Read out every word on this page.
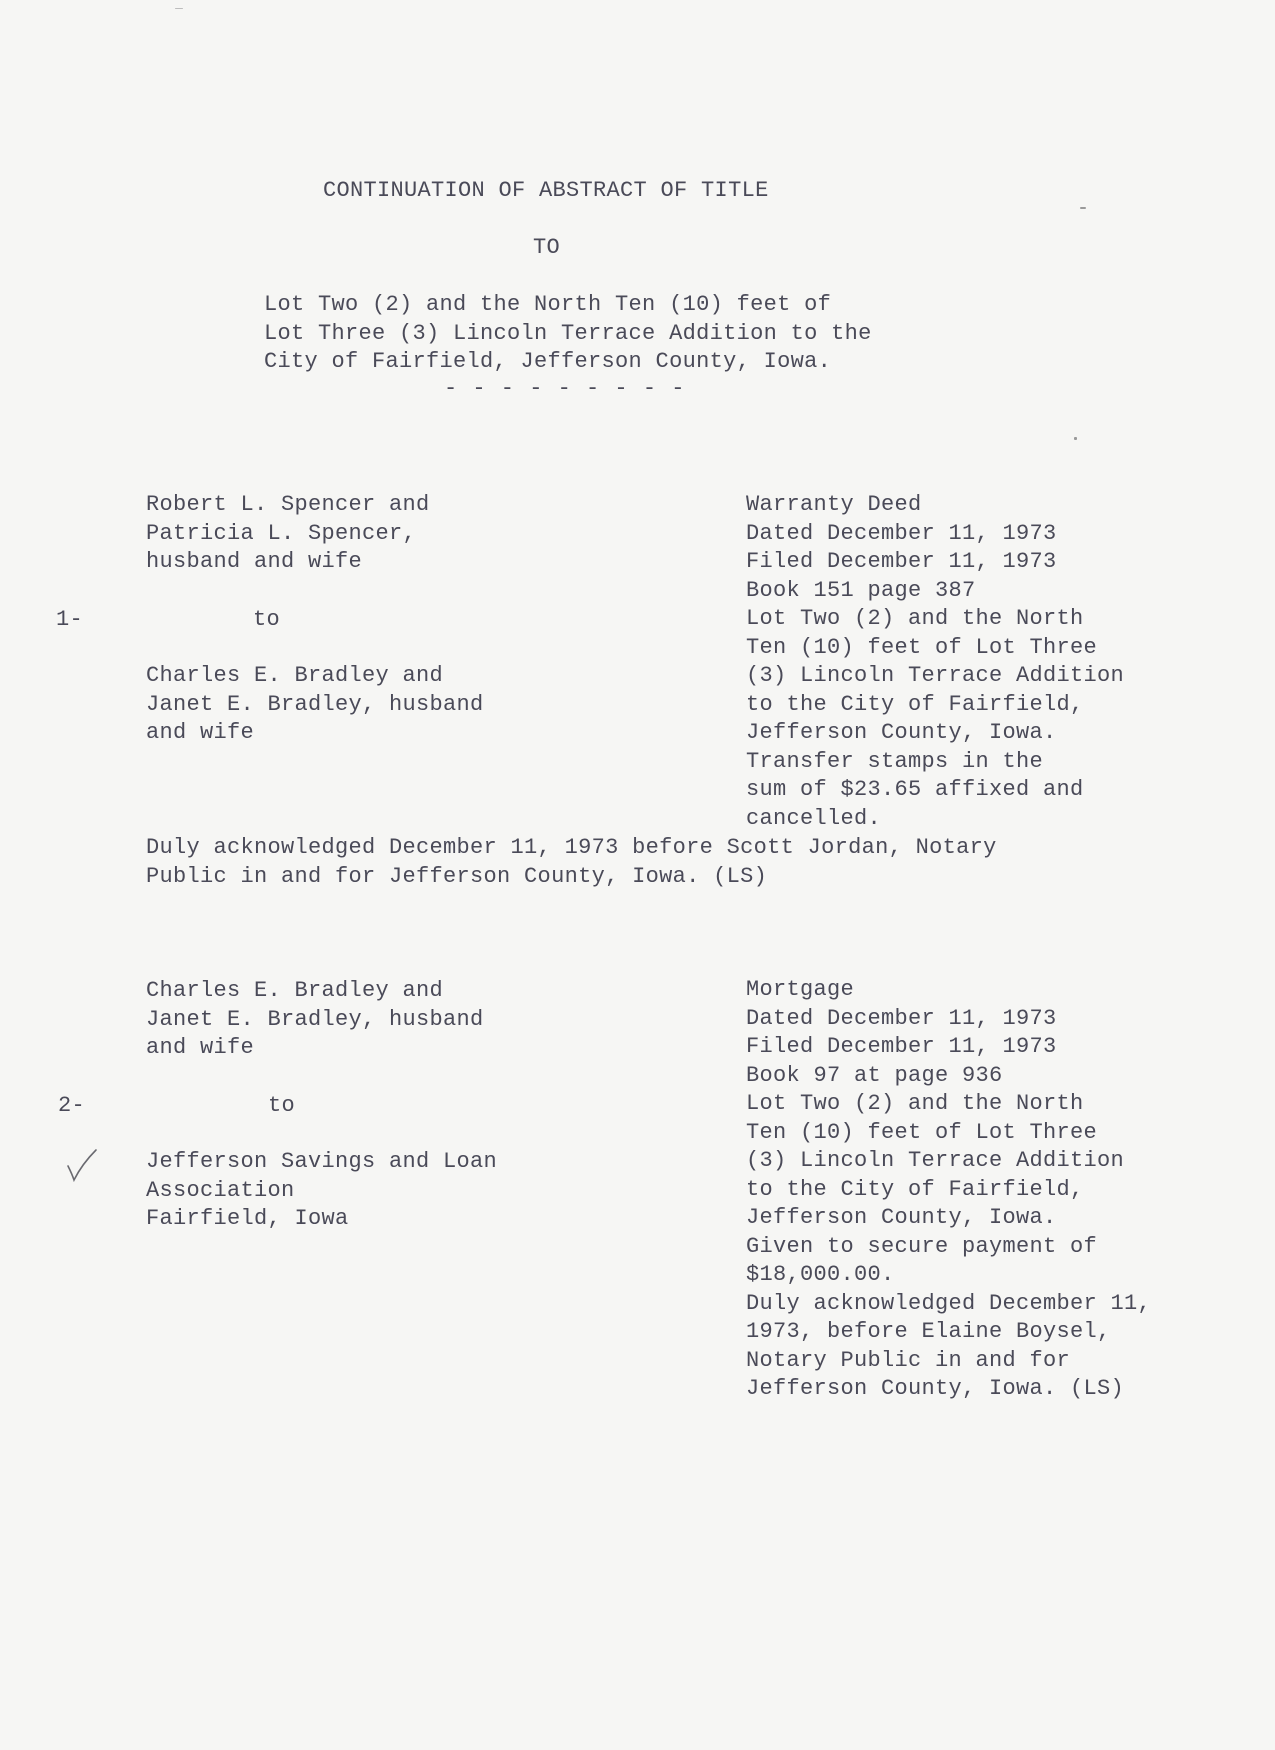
CONTINUATION OF ABSTRACT OF TITLE
TO
Lot Two (2) and the North Ten (10) feet of
Lot Three (3) Lincoln Terrace Addition to the
City of Fairfield, Jefferson County, Iowa.
- - - - - - - - -
Robert L. Spencer and
Patricia L. Spencer,
husband and wife
1-	to
Charles E. Bradley and
Janet E. Bradley, husband
and wife
Warranty Deed
Dated December 11, 1973
Filed December 11, 1973
Book 151 page 387
Lot Two (2) and the North
Ten (10) feet of Lot Three
(3) Lincoln Terrace Addition
to the City of Fairfield,
Jefferson County, Iowa.
Transfer stamps in the
sum of $23.65 affixed and
cancelled.
Duly acknowledged December 11, 1973 before Scott Jordan, Notary
Public in and for Jefferson County, Iowa. (LS)
Charles E. Bradley and
Janet E. Bradley, husband
and wife
2-	to
Jefferson Savings and Loan
Association
Fairfield, Iowa
Mortgage
Dated December 11, 1973
Filed December 11, 1973
Book 97 at page 936
Lot Two (2) and the North
Ten (10) feet of Lot Three
(3) Lincoln Terrace Addition
to the City of Fairfield,
Jefferson County, Iowa.
Given to secure payment of
$18,000.00.
Duly acknowledged December 11,
1973, before Elaine Boysel,
Notary Public in and for
Jefferson County, Iowa. (LS)
